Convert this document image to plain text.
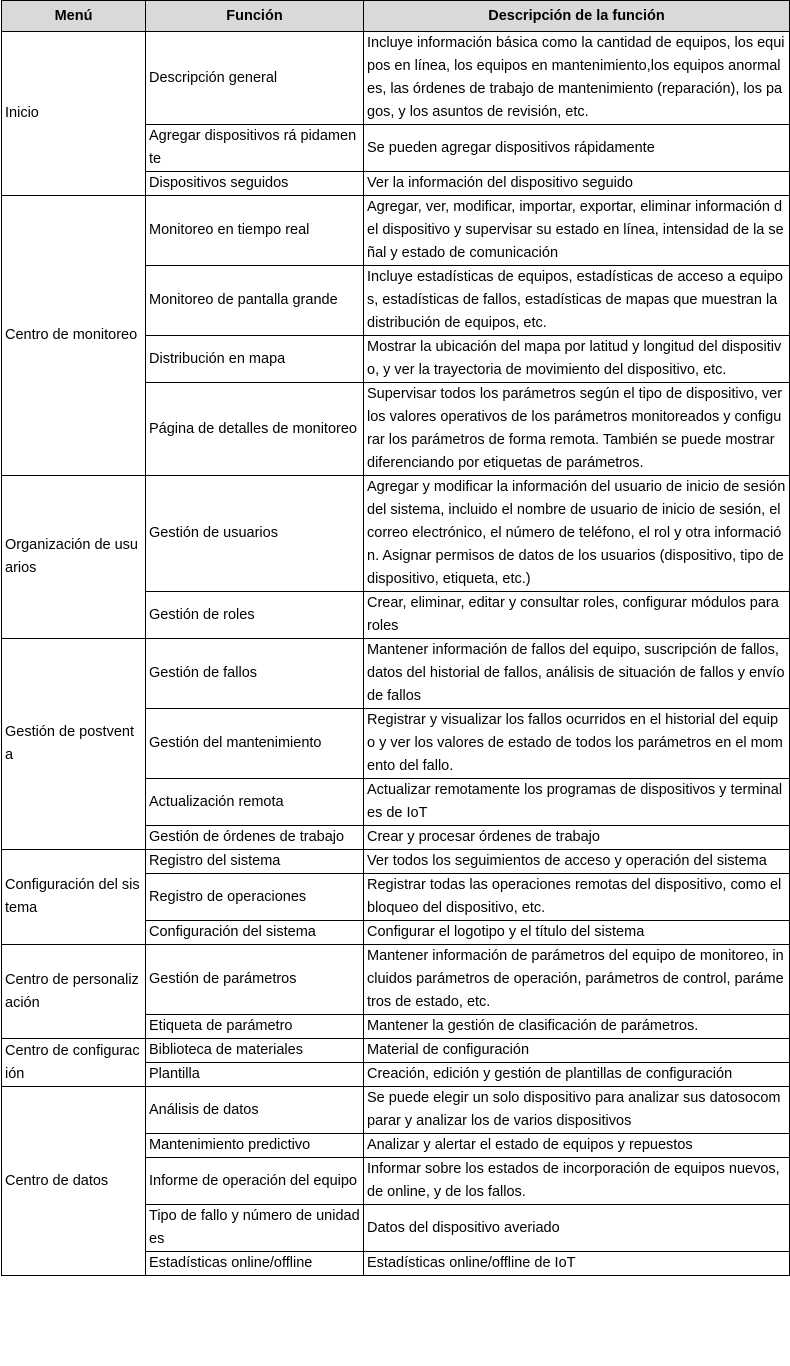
Menú	Función	Descripción de la función
Inicio	Descripción general	Incluye información básica como la cantidad de equipos, los equipos en línea, los equipos en mantenimiento,los equipos anormales, las órdenes de trabajo de mantenimiento (reparación), los pagos, y los asuntos de revisión, etc.
	Agregar dispositivos rá pidamente	Se pueden agregar dispositivos rápidamente
	Dispositivos seguidos	Ver la información del dispositivo seguido
Centro de monitoreo	Monitoreo en tiempo real	Agregar, ver, modificar, importar, exportar, eliminar información del dispositivo y supervisar su estado en línea, intensidad de la señal y estado de comunicación
	Monitoreo de pantalla grande	Incluye estadísticas de equipos, estadísticas de acceso a equipos, estadísticas de fallos, estadísticas de mapas que muestran la distribución de equipos, etc.
	Distribución en mapa	Mostrar la ubicación del mapa por latitud y longitud del dispositivo, y ver la trayectoria de movimiento del dispositivo, etc.
	Página de detalles de monitoreo	Supervisar todos los parámetros según el tipo de dispositivo, ver los valores operativos de los parámetros monitoreados y configurar los parámetros de forma remota. También se puede mostrar diferenciando por etiquetas de parámetros.
Organización de usuarios	Gestión de usuarios	Agregar y modificar la información del usuario de inicio de sesión del sistema, incluido el nombre de usuario de inicio de sesión, el correo electrónico, el número de teléfono, el rol y otra información. Asignar permisos de datos de los usuarios (dispositivo, tipo de dispositivo, etiqueta, etc.)
	Gestión de roles	Crear, eliminar, editar y consultar roles, configurar módulos para roles
Gestión de postventa	Gestión de fallos	Mantener información de fallos del equipo, suscripción de fallos, datos del historial de fallos, análisis de situación de fallos y envío de fallos
	Gestión del mantenimiento	Registrar y visualizar los fallos ocurridos en el historial del equipo y ver los valores de estado de todos los parámetros en el momento del fallo.
	Actualización remota	Actualizar remotamente los programas de dispositivos y terminales de IoT
	Gestión de órdenes de trabajo	Crear y procesar órdenes de trabajo
Configuración del sistema	Registro del sistema	Ver todos los seguimientos de acceso y operación del sistema
	Registro de operaciones	Registrar todas las operaciones remotas del dispositivo, como el bloqueo del dispositivo, etc.
	Configuración del sistema	Configurar el logotipo y el título del sistema
Centro de personalización	Gestión de parámetros	Mantener información de parámetros del equipo de monitoreo, incluidos parámetros de operación, parámetros de control, parámetros de estado, etc.
	Etiqueta de parámetro	Mantener la gestión de clasificación de parámetros.
Centro de configuración	Biblioteca de materiales	Material de configuración
	Plantilla	Creación, edición y gestión de plantillas de configuración
Centro de datos	Análisis de datos	Se puede elegir un solo dispositivo para analizar sus datosocomparar y analizar los de varios dispositivos
	Mantenimiento predictivo	Analizar y alertar el estado de equipos y repuestos
	Informe de operación del equipo	Informar sobre los estados de incorporación de equipos nuevos, de online, y de los fallos.
	Tipo de fallo y número de unidades	Datos del dispositivo averiado
	Estadísticas online/offline	Estadísticas online/offline de IoT
